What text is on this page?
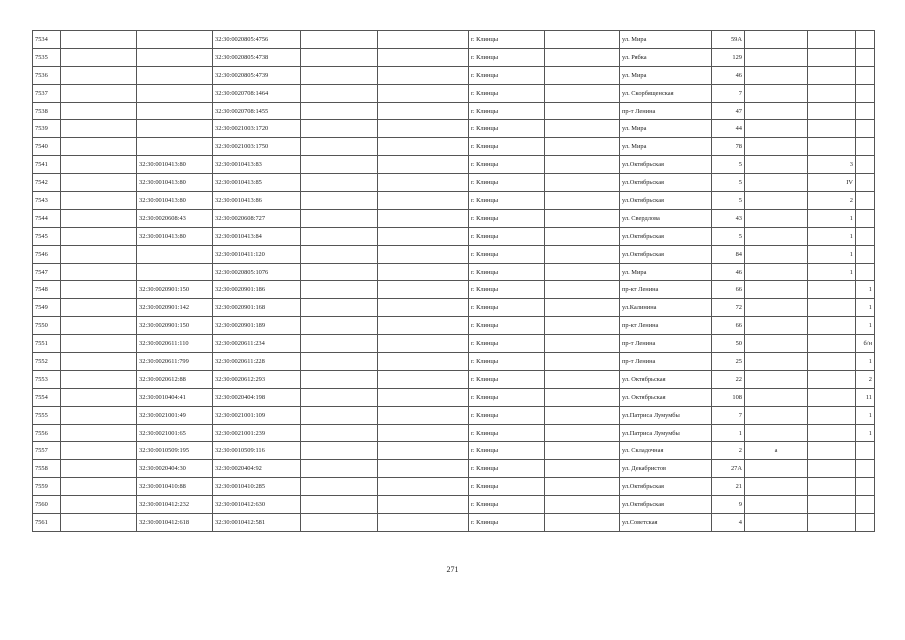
7534			32:30:0020805:4756			г. Клинцы		ул. Мира	59А			
7535			32:30:0020805:4738			г. Клинцы		ул. Рябка	129			
7536			32:30:0020805:4739			г. Клинцы		ул. Мира	46			
7537			32:30:0020708:1464			г. Клинцы		ул. Скорбященская	7			
7538			32:30:0020708:1455			г. Клинцы		пр-т Ленина	47			
7539			32:30:0021003:1720			г. Клинцы		ул. Мира	44			
7540			32:30:0021003:1750			г. Клинцы		ул. Мира	78			
7541		32:30:0010413:80	32:30:0010413:83			г. Клинцы		ул.Октябрьская	5		3	
7542		32:30:0010413:80	32:30:0010413:85			г. Клинцы		ул.Октябрьская	5		IV	
7543		32:30:0010413:80	32:30:0010413:86			г. Клинцы		ул.Октябрьская	5		2	
7544		32:30:0020608:43	32:30:0020608:727			г. Клинцы		ул. Свердлова	43		1	
7545		32:30:0010413:80	32:30:0010413:84			г. Клинцы		ул.Октябрьская	5		1	
7546			32:30:0010411:120			г. Клинцы		ул.Октябрьская	84		1	
7547			32:30:0020805:1076			г. Клинцы		ул. Мира	46		1	
7548		32:30:0020901:150	32:30:0020901:186			г. Клинцы		пр-кт Ленина	66			1
7549		32:30:0020901:142	32:30:0020901:168			г. Клинцы		ул.Калинина	72			1
7550		32:30:0020901:150	32:30:0020901:189			г. Клинцы		пр-кт Ленина	66			1
7551		32:30:0020611:110	32:30:0020611:234			г. Клинцы		пр-т Ленина	50			б/н
7552		32:30:0020611:799	32:30:0020611:228			г. Клинцы		пр-т Ленина	25			1
7553		32:30:0020612:88	32:30:0020612:293			г. Клинцы		ул. Октябрьская	22			2
7554		32:30:0010404:41	32:30:0020404:198			г. Клинцы		ул. Октябрьская	108			11
7555		32:30:0021001:49	32:30:0021001:109			г. Клинцы		ул.Патриса Лумумбы	7			1
7556		32:30:0021001:65	32:30:0021001:239			г. Клинцы		ул.Патриса Лумумбы	1			1
7557		32:30:0010509:195	32:30:0010509:116			г. Клинцы		ул. Складочная	2	а		
7558		32:30:0020404:30	32:30:0020404:92			г. Клинцы		ул. Декабристов	27А			
7559		32:30:0010410:88	32:30:0010410:285			г. Клинцы		ул.Октябрьская	21			
7560		32:30:0010412:232	32:30:0010412:630			г. Клинцы		ул.Октябрьская	9			
7561		32:30:0010412:618	32:30:0010412:581			г. Клинцы		ул.Советская	4			
271
